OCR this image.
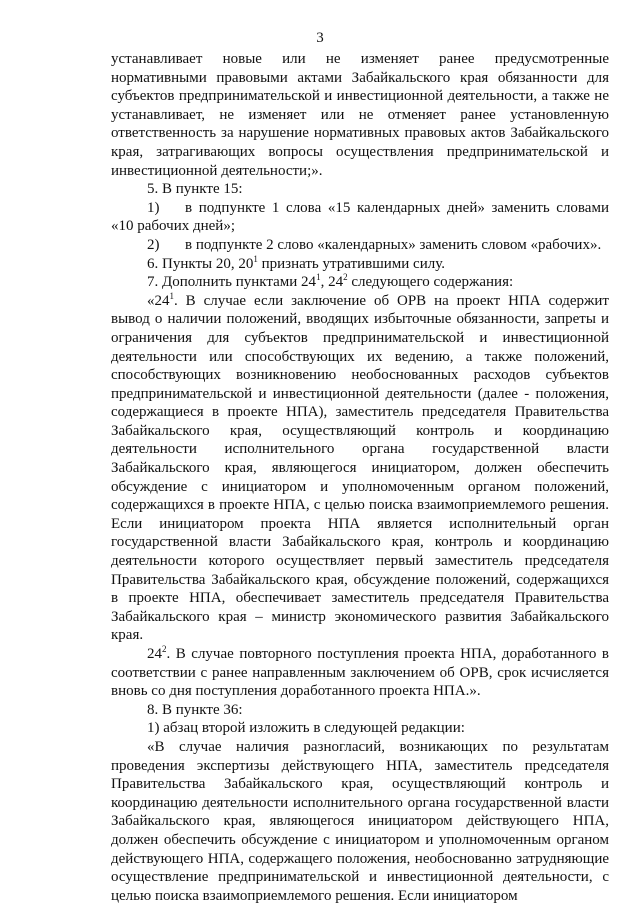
3

устанавливает новые или не изменяет ранее предусмотренные нормативными правовыми актами Забайкальского края обязанности для субъектов предпринимательской и инвестиционной деятельности, а также не устанавливает, не изменяет или не отменяет ранее установленную ответственность за нарушение нормативных правовых актов Забайкальского края, затрагивающих вопросы осуществления предпринимательской и инвестиционной деятельности;».

5. В пункте 15:

1) в подпункте 1 слова «15 календарных дней» заменить словами «10 рабочих дней»;

2) в подпункте 2 слово «календарных» заменить словом «рабочих».

6. Пункты 20, $20^1$ признать утратившими силу.

7. Дополнить пунктами $24^1$, $24^2$ следующего содержания:

«$24^1$. В случае если заключение об ОРВ на проект НПА содержит вывод о наличии положений, вводящих избыточные обязанности, запреты и ограничения для субъектов предпринимательской и инвестиционной деятельности или способствующих их ведению, а также положений, способствующих возникновению необоснованных расходов субъектов предпринимательской и инвестиционной деятельности (далее - положения, содержащиеся в проекте НПА), заместитель председателя Правительства Забайкальского края, осуществляющий контроль и координацию деятельности исполнительного органа государственной власти Забайкальского края, являющегося инициатором, должен обеспечить обсуждение с инициатором и уполномоченным органом положений, содержащихся в проекте НПА, с целью поиска взаимоприемлемого решения. Если инициатором проекта НПА является исполнительный орган государственной власти Забайкальского края, контроль и координацию деятельности которого осуществляет первый заместитель председателя Правительства Забайкальского края, обсуждение положений, содержащихся в проекте НПА, обеспечивает заместитель председателя Правительства Забайкальского края – министр экономического развития Забайкальского края.

$24^2$. В случае повторного поступления проекта НПА, доработанного в соответствии с ранее направленным заключением об ОРВ, срок исчисляется вновь со дня поступления доработанного проекта НПА.».

8. В пункте 36:

1) абзац второй изложить в следующей редакции:

«В случае наличия разногласий, возникающих по результатам проведения экспертизы действующего НПА, заместитель председателя Правительства Забайкальского края, осуществляющий контроль и координацию деятельности исполнительного органа государственной власти Забайкальского края, являющегося инициатором действующего НПА, должен обеспечить обсуждение с инициатором и уполномоченным органом действующего НПА, содержащего положения, необоснованно затрудняющие осуществление предпринимательской и инвестиционной деятельности, с целью поиска взаимоприемлемого решения. Если инициатором
